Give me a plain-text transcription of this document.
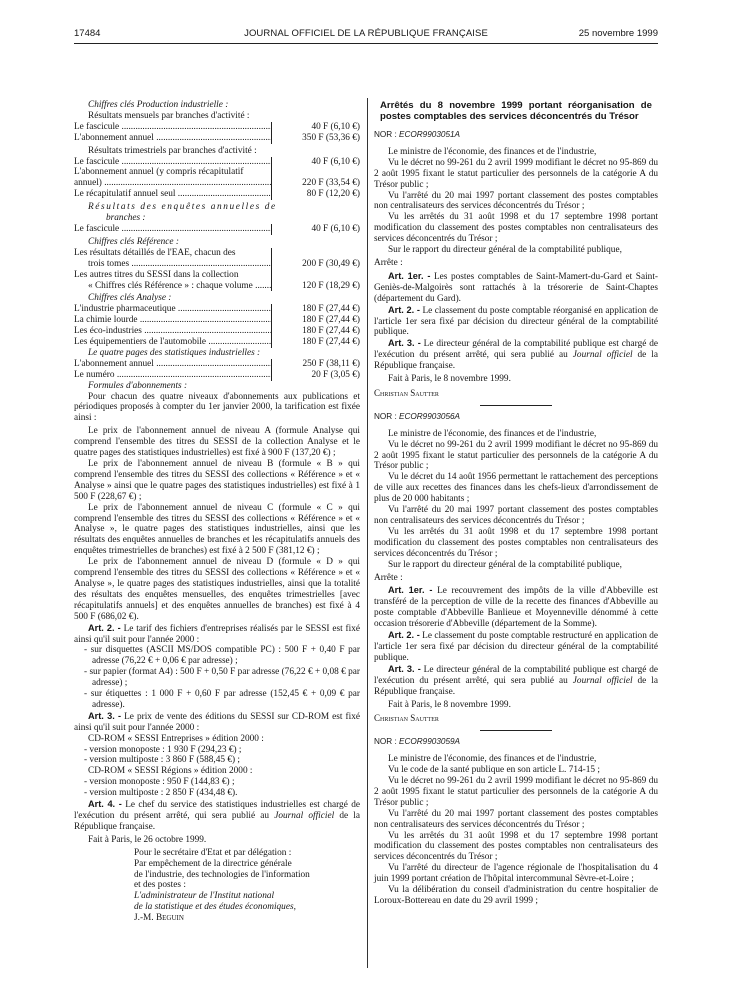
17484	JOURNAL OFFICIEL DE LA RÉPUBLIQUE FRANÇAISE	25 novembre 1999

Chiffres clés Production industrielle :

Résultats mensuels par branches d'activité :

Le fascicule .....	40 F (6,10 €)
L'abonnement annuel .....	350 F (53,36 €)

Résultats trimestriels par branches d'activité :

Le fascicule .....	40 F (6,10 €)
L'abonnement annuel (y compris récapitulatif
annuel) .....	220 F (33,54 €)
Le récapitulatif annuel seul .....	80 F (12,20 €)

Résultats des enquêtes annuelles de

branches :

Le fascicule .....	40 F (6,10 €)

Chiffres clés Référence :

Les résultats détaillés de l'EAE, chacun des
trois tomes .....	200 F (30,49 €)
Les autres titres du SESSI dans la collection
« Chiffres clés Référence » : chaque volume .....	120 F (18,29 €)

Chiffres clés Analyse :

L'industrie pharmaceutique .....	180 F (27,44 €)
La chimie lourde .....	180 F (27,44 €)
Les éco-industries .....	180 F (27,44 €)
Les équipementiers de l'automobile .....	180 F (27,44 €)

Le quatre pages des statistiques industrielles :

L'abonnement annuel .....	250 F (38,11 €)
Le numéro .....	20 F (3,05 €)

Formules d'abonnements :

Pour chacun des quatre niveaux d'abonnements aux publications et périodiques proposés à compter du 1er janvier 2000, la tarification est fixée ainsi :

Le prix de l'abonnement annuel de niveau A (formule Analyse qui comprend l'ensemble des titres du SESSI de la collection Analyse et le quatre pages des statistiques industrielles) est fixé à 900 F (137,20 €) ;

Le prix de l'abonnement annuel de niveau B (formule « B » qui comprend l'ensemble des titres du SESSI des collections « Référence » et « Analyse » ainsi que le quatre pages des statistiques industrielles) est fixé à 1 500 F (228,67 €) ;

Le prix de l'abonnement annuel de niveau C (formule « C » qui comprend l'ensemble des titres du SESSI des collections « Référence » et « Analyse », le quatre pages des statistiques industrielles, ainsi que les résultats des enquêtes annuelles de branches et les récapitulatifs annuels des enquêtes trimestrielles de branches) est fixé à 2 500 F (381,12 €) ;

Le prix de l'abonnement annuel de niveau D (formule « D » qui comprend l'ensemble des titres du SESSI des collections « Référence » et « Analyse », le quatre pages des statistiques industrielles, ainsi que la totalité des résultats des enquêtes mensuelles, des enquêtes trimestrielles [avec récapitulatifs annuels] et des enquêtes annuelles de branches) est fixé à 4 500 F (686,02 €).

Art. 2. - Le tarif des fichiers d'entreprises réalisés par le SESSI est fixé ainsi qu'il suit pour l'année 2000 :

- sur disquettes (ASCII MS/DOS compatible PC) : 500 F + 0,40 F par adresse (76,22 € + 0,06 € par adresse) ;

- sur papier (format A4) : 500 F + 0,50 F par adresse (76,22 € + 0,08 € par adresse) ;

- sur étiquettes : 1 000 F + 0,60 F par adresse (152,45 € + 0,09 € par adresse).

Art. 3. - Le prix de vente des éditions du SESSI sur CD-ROM est fixé ainsi qu'il suit pour l'année 2000 :

CD-ROM « SESSI Entreprises » édition 2000 :

- version monoposte : 1 930 F (294,23 €) ;

- version multiposte : 3 860 F (588,45 €) ;

CD-ROM « SESSI Régions » édition 2000 :

- version monoposte : 950 F (144,83 €) ;

- version multiposte : 2 850 F (434,48 €).

Art. 4. - Le chef du service des statistiques industrielles est chargé de l'exécution du présent arrêté, qui sera publié au Journal officiel de la République française.

Fait à Paris, le 26 octobre 1999.

Pour le secrétaire d'Etat et par délégation :

Par empêchement de la directrice générale

de l'industrie, des technologies de l'information

et des postes :

L'administrateur de l'Institut national

de la statistique et des études économiques,

J.-M. Beguin

Arrêtés du 8 novembre 1999 portant réorganisation de postes comptables des services déconcentrés du Trésor

NOR : ECOR9903051A

Le ministre de l'économie, des finances et de l'industrie,

Vu le décret no 99-261 du 2 avril 1999 modifiant le décret no 95-869 du 2 août 1995 fixant le statut particulier des personnels de la catégorie A du Trésor public ;

Vu l'arrêté du 20 mai 1997 portant classement des postes comptables non centralisateurs des services déconcentrés du Trésor ;

Vu les arrêtés du 31 août 1998 et du 17 septembre 1998 portant modification du classement des postes comptables non centralisateurs des services déconcentrés du Trésor ;

Sur le rapport du directeur général de la comptabilité publique,

Arrête :

Art. 1er. - Les postes comptables de Saint-Mamert-du-Gard et Saint-Geniès-de-Malgoirès sont rattachés à la trésorerie de Saint-Chaptes (département du Gard).

Art. 2. - Le classement du poste comptable réorganisé en application de l'article 1er sera fixé par décision du directeur général de la comptabilité publique.

Art. 3. - Le directeur général de la comptabilité publique est chargé de l'exécution du présent arrêté, qui sera publié au Journal officiel de la République française.

Fait à Paris, le 8 novembre 1999.

Christian Sautter

NOR : ECOR9903056A

Le ministre de l'économie, des finances et de l'industrie,

Vu le décret no 99-261 du 2 avril 1999 modifiant le décret no 95-869 du 2 août 1995 fixant le statut particulier des personnels de la catégorie A du Trésor public ;

Vu le décret du 14 août 1956 permettant le rattachement des perceptions de ville aux recettes des finances dans les chefs-lieux d'arrondissement de plus de 20 000 habitants ;

Vu l'arrêté du 20 mai 1997 portant classement des postes comptables non centralisateurs des services déconcentrés du Trésor ;

Vu les arrêtés du 31 août 1998 et du 17 septembre 1998 portant modification du classement des postes comptables non centralisateurs des services déconcentrés du Trésor ;

Sur le rapport du directeur général de la comptabilité publique,

Arrête :

Art. 1er. - Le recouvrement des impôts de la ville d'Abbeville est transféré de la perception de ville de la recette des finances d'Abbeville au poste comptable d'Abbeville Banlieue et Moyenneville dénommé à cette occasion trésorerie d'Abbeville (département de la Somme).

Art. 2. - Le classement du poste comptable restructuré en application de l'article 1er sera fixé par décision du directeur général de la comptabilité publique.

Art. 3. - Le directeur général de la comptabilité publique est chargé de l'exécution du présent arrêté, qui sera publié au Journal officiel de la République française.

Fait à Paris, le 8 novembre 1999.

Christian Sautter

NOR : ECOR9903059A

Le ministre de l'économie, des finances et de l'industrie,

Vu le code de la santé publique en son article L. 714-15 ;

Vu le décret no 99-261 du 2 avril 1999 modifiant le décret no 95-869 du 2 août 1995 fixant le statut particulier des personnels de la catégorie A du Trésor public ;

Vu l'arrêté du 20 mai 1997 portant classement des postes comptables non centralisateurs des services déconcentrés du Trésor ;

Vu les arrêtés du 31 août 1998 et du 17 septembre 1998 portant modification du classement des postes comptables non centralisateurs des services déconcentrés du Trésor ;

Vu l'arrêté du directeur de l'agence régionale de l'hospitalisation du 4 juin 1999 portant création de l'hôpital intercommunal Sèvre-et-Loire ;

Vu la délibération du conseil d'administration du centre hospitalier de Loroux-Bottereau en date du 29 avril 1999 ;
